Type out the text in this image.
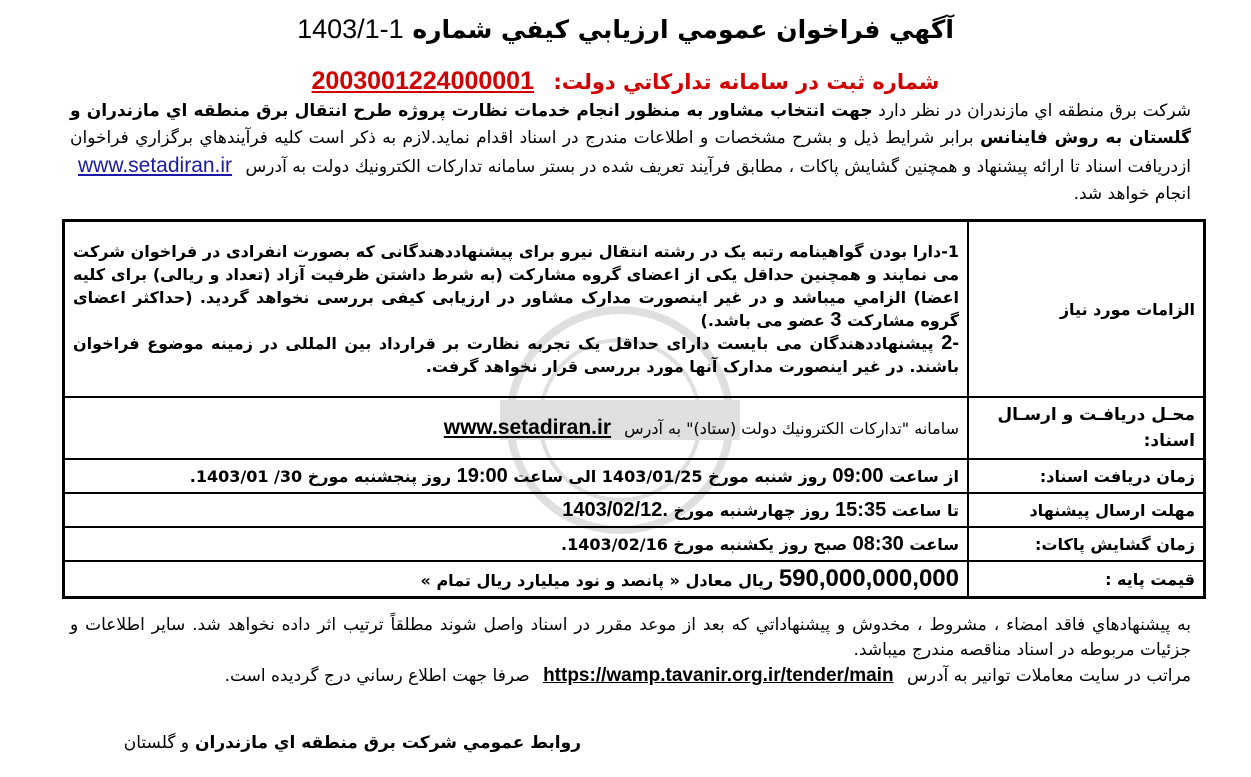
آگهي فراخوان عمومي ارزيابي كيفي شماره 1-1403/1
شماره ثبت در سامانه تداركاتي دولت: 2003001224000001
شركت برق منطقه اي مازندران در نظر دارد جهت انتخاب مشاور به منظور انجام خدمات نظارت پروژه طرح انتقال برق منطقه اي مازندران و گلستان به روش فاينانس برابر شرايط ذيل و بشرح مشخصات و اطلاعات مندرج در اسناد اقدام نمايد.لازم به ذكر است كليه فرآيندهاي برگزاري فراخوان ازدريافت اسناد تا ارائه پيشنهاد و همچنين گشايش پاكات ، مطابق فرآيند تعريف شده در بستر سامانه تداركات الكترونيك دولت به آدرس www.setadiran.ir انجام خواهد شد.
الزامات مورد نياز	1-دارا بودن گواهینامه رتبه یک در رشته انتقال نیرو برای پیشنهاددهندگانی که بصورت انفرادی در فراخوان شرکت می نمایند و همچنین حداقل یکی از اعضای گروه مشارکت (به شرط داشتن ظرفیت آزاد (تعداد و ریالی) برای کلیه اعضا) الزامي میباشد و در غیر اینصورت مدارک مشاور در ارزیابی کیفی بررسی نخواهد گردید. (حداکثر اعضای گروه مشارکت 3 عضو می باشد.)
2- پیشنهاددهندگان می بایست دارای حداقل یک تجربه نظارت بر قرارداد بین المللی در زمینه موضوع فراخوان باشند. در غیر اینصورت مدارک آنها مورد بررسی قرار نخواهد گرفت.
محـل دريافـت و ارسـال اسناد:	سامانه "تداركات الكترونيك دولت (ستاد)" به آدرس www.setadiran.ir
زمان دريافت اسناد:	از ساعت 09:00 روز شنبه مورخ 1403/01/25 الی ساعت 19:00 روز پنجشنبه مورخ 30/ 1403/01.
مهلت ارسال پيشنهاد	تا ساعت 15:35 روز چهارشنبه مورخ 1403/02/12.
زمان گشايش پاكات:	ساعت 08:30 صبح روز یکشنبه مورخ 1403/02/16.
قيمت پايه :	590,000,000,000 ريال معادل « پانصد و نود میلیارد ريال تمام »
به پيشنهادهاي فاقد امضاء ، مشروط ، مخدوش و پيشنهاداتي كه بعد از موعد مقرر در اسناد واصل شوند مطلقاً ترتيب اثر داده نخواهد شد. ساير اطلاعات و جزئيات مربوطه در اسناد مناقصه مندرج ميباشد.
مراتب در سايت معاملات توانير به آدرس https://wamp.tavanir.org.ir/tender/main صرفا جهت اطلاع رساني درج گرديده است.
روابط عمومي شركت برق منطقه اي مازندران و گلستان
